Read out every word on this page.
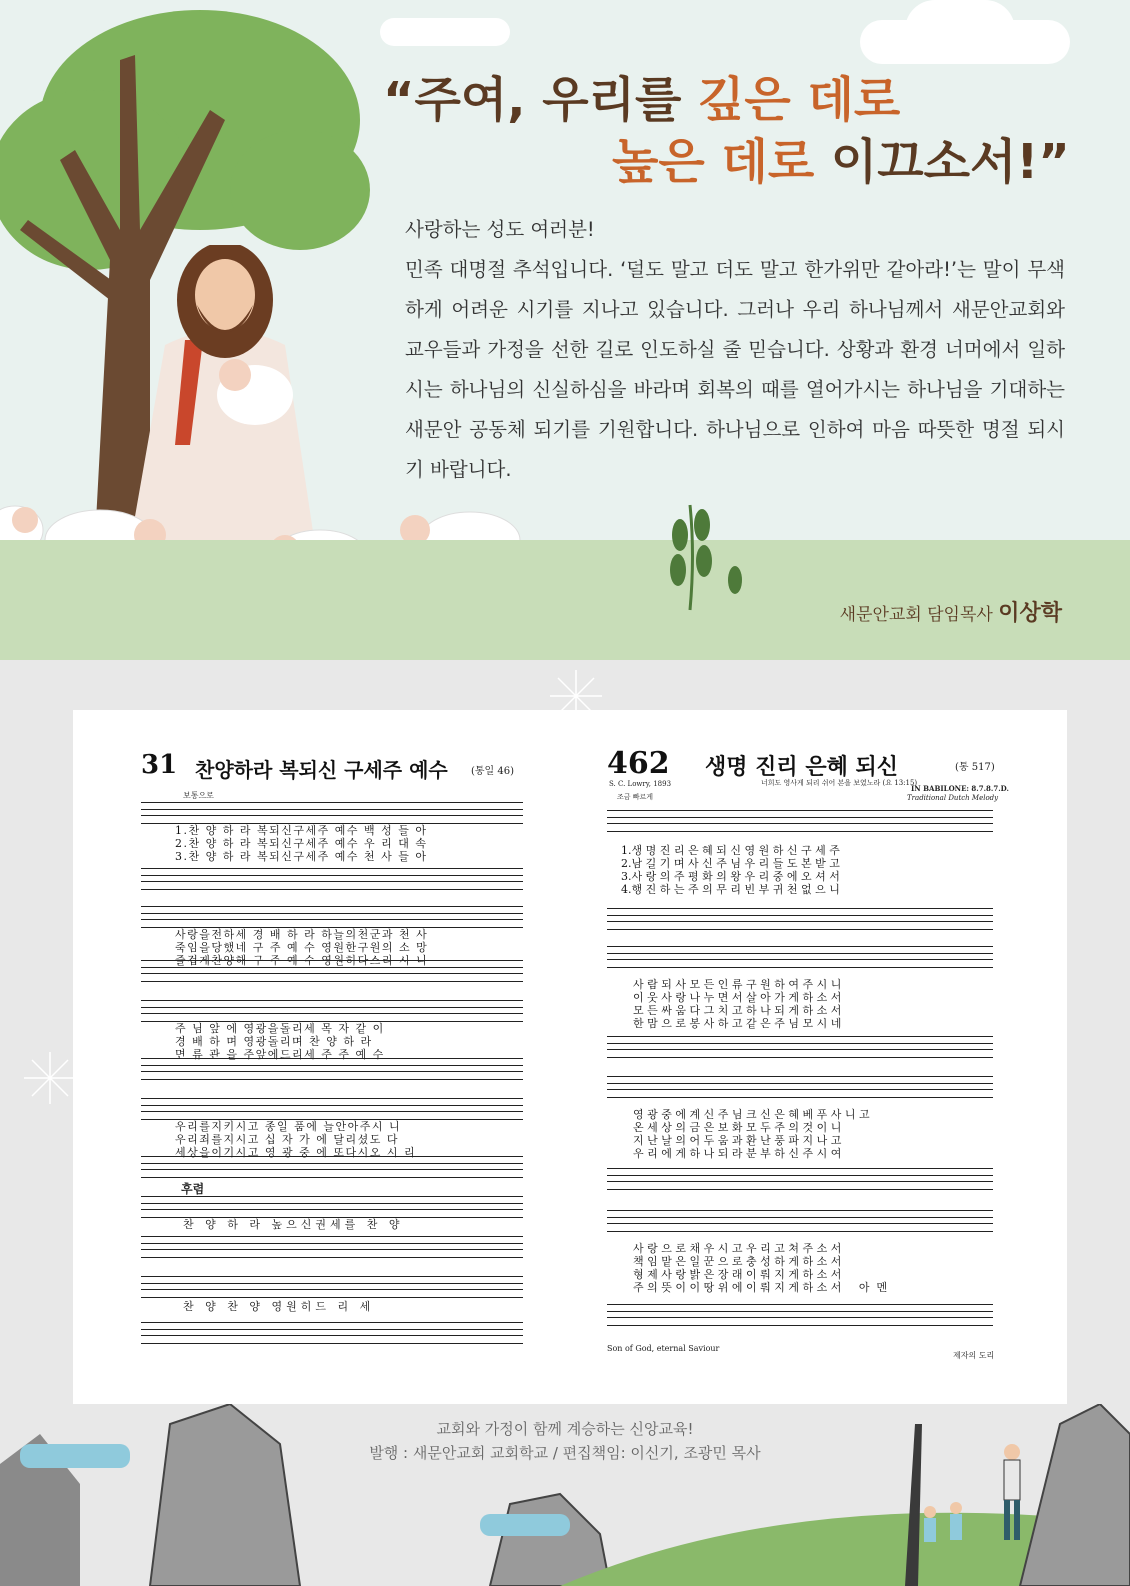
“주여, 우리를 깊은 데로
높은 데로 이끄소서!”

사랑하는 성도 여러분!

민족 대명절 추석입니다. ‘덜도 말고 더도 말고 한가위만 같아라!’는 말이 무색하게 어려운 시기를 지나고 있습니다. 그러나 우리 하나님께서 새문안교회와 교우들과 가정을 선한 길로 인도하실 줄 믿습니다. 상황과 환경 너머에서 일하시는 하나님의 신실하심을 바라며 회복의 때를 열어가시는 하나님을 기대하는 새문안 공동체 되기를 기원합니다. 하나님으로 인하여 마음 따뜻한 명절 되시기 바랍니다.

새문안교회 담임목사 이상학
31 찬양하라 복되신 구세주 예수 (통일 46)
보통으로
1.찬 양 하 라 복되신구세주 예수 백 성 들 아
2.찬 양 하 라 복되신구세주 예수 우 리 대 속
3.찬 양 하 라 복되신구세주 예수 천 사 들 아
사랑을전하세 경 배 하 라 하늘의천군과 천 사
죽임을당했네 구 주 예 수 영원한구원의 소 망
즐겁게찬양해 구 주 예 수 영원히다스리 시 니
주 님 앞 에 영광을돌리세 목 자 같 이
경 배 하 며 영광돌리며 찬 양 하 라
면 류 관 을 주앞에드리세 주 주 예 수
우리를지키시고 종일 품에 늘안아주시 니
우리죄를지시고 십 자 가 에 달리셨도 다
세상을이기시고 영 광 중 에 또다시오 시 리
후렴
찬 양 하 라 높으신권세를 찬 양
찬 양 찬 양 영원히드 리 세
462 생명 진리 은혜 되신	(통 517)
S. C. Lowry, 1893	너희도 영사게 되리 쉬어 본을 보였노라 (요 13:15)
조금 빠르게
IN BABILONE: 8.7.8.7.D.
Traditional Dutch Melody
1.생 명 진 리 은 혜 되 신 영 원 하 신 구 세 주
2.남 길 기 며 사 신 주 님 우 리 들 도 본 받 고
3.사 랑 의 주 평 화 의 왕 우 리 중 에 오 셔 서
4.행 진 하 는 주 의 무 리 빈 부 귀 천 없 으 니
사 람 되 사 모 든 인 류 구 원 하 여 주 시 니
이 웃 사 랑 나 누 면 서 살 아 가 게 하 소 서
모 든 싸 움 다 그 치 고 하 나 되 게 하 소 서
한 맘 으 로 봉 사 하 고 같 은 주 님 모 시 네
영 광 중 에 계 신 주 님 크 신 은 혜 베 푸 사 니 고
온 세 상 의 금 은 보 화 모 두 주 의 것 이 니
지 난 날 의 어 두 움 과 환 난 풍 파 지 나 고
우 리 에 게 하 나 되 라 분 부 하 신 주 시 여
사 랑 으 로 채 우 시 고 우 리 고 쳐 주 소 서
책 임 맡 은 일 꾼 으 로 충 성 하 게 하 소 서
형 제 사 랑 밝 은 장 래 이 뤄 지 게 하 소 서
주 의 뜻 이 이 땅 위 에 이 뤄 지 게 하 소 서     아  멘
Son of God, eternal Saviour
제자의 도리
교회와 가정이 함께 계승하는 신앙교육!
발행 : 새문안교회 교회학교 / 편집책임: 이신기, 조광민 목사
